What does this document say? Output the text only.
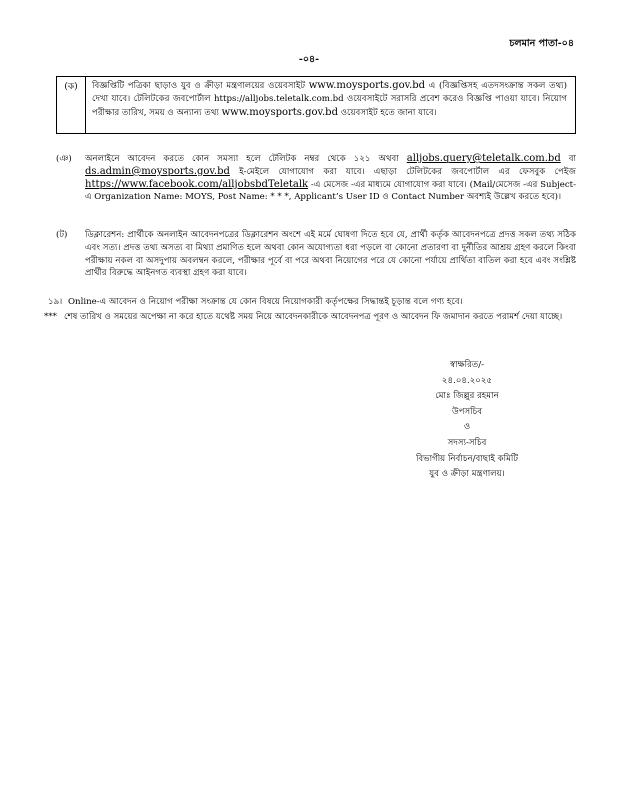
চলমান পাতা-০৪
-০৪-
(ক)	বিজ্ঞপ্তিটি পত্রিকা ছাড়াও যুব ও ক্রীড়া মন্ত্রণালয়ের ওয়েবসাইট www.moysports.gov.bd এ (বিজ্ঞপ্তিসহ এতদসংক্রান্ত সকল তথ্য) দেখা যাবে। টেলিটকের জবপোর্টাল https://alljobs.teletalk.com.bd ওয়েবসাইটে সরাসরি প্রবেশ করেও বিজ্ঞপ্তি পাওয়া যাবে। নিয়োগ পরীক্ষার তারিখ, সময় ও অন্যান্য তথ্য www.moysports.gov.bd ওয়েবসাইট হতে জানা যাবে।
(ঞ)	অনলাইনে আবেদন করতে কোন সমস্যা হলে টেলিটক নম্বর থেকে ১২১ অথবা alljobs.query@teletalk.com.bd বা ds.admin@moysports.gov.bd ই-মেইলে যোগাযোগ করা যাবে। এছাড়া টেলিটকের জবপোর্টাল এর ফেসবুক পেইজ https://www.facebook.com/alljobsbdTeletalk -এ মেসেজ -এর মাধ্যমে যোগাযোগ করা যাবে। (Mail/মেসেজ -এর Subject-এ Organization Name: MOYS, Post Name: * * *, Applicant’s User ID ও Contact Number অবশ্যই উল্লেখ করতে হবে)।
(ট)	ডিক্লারেশন: প্রার্থীকে অনলাইন আবেদনপত্রের ডিক্লারেশন অংশে এই মর্মে ঘোষণা দিতে হবে যে, প্রার্থী কর্তৃক আবেদনপত্রে প্রদত্ত সকল তথ্য সঠিক এবং সত্য। প্রদত্ত তথ্য অসত্য বা মিথ্যা প্রমাণিত হলে অথবা কোন অযোগ্যতা ধরা পড়লে বা কোনো প্রতারণা বা দুর্নীতির আশ্রয় গ্রহণ করলে কিংবা পরীক্ষায় নকল বা অসদুপায় অবলম্বন করলে, পরীক্ষার পূর্বে বা পরে অথবা নিয়োগের পরে যে কোনো পর্যায়ে প্রার্থিতা বাতিল করা হবে এবং সংশ্লিষ্ট প্রার্থীর বিরুদ্ধে আইনগত ব্যবস্থা গ্রহণ করা যাবে।
১৯। Online-এ আবেদন ও নিয়োগ পরীক্ষা সংক্রান্ত যে কোন বিষয়ে নিয়োগকারী কর্তৃপক্ষের সিদ্ধান্তই চূড়ান্ত বলে গণ্য হবে।
*** শেষ তারিখ ও সময়ের অপেক্ষা না করে হাতে যথেষ্ট সময় নিয়ে আবেদনকারীকে আবেদনপত্র পূরণ ও আবেদন ফি জমাদান করতে পরামর্শ দেয়া যাচ্ছে।
স্বাক্ষরিত/-
২৪.০৪.২০২৫
মোঃ জিল্লুর রহমান
উপসচিব
ও
সদস্য-সচিব
বিভাগীয় নির্বাচন/বাছাই কমিটি
যুব ও ক্রীড়া মন্ত্রণালয়।
